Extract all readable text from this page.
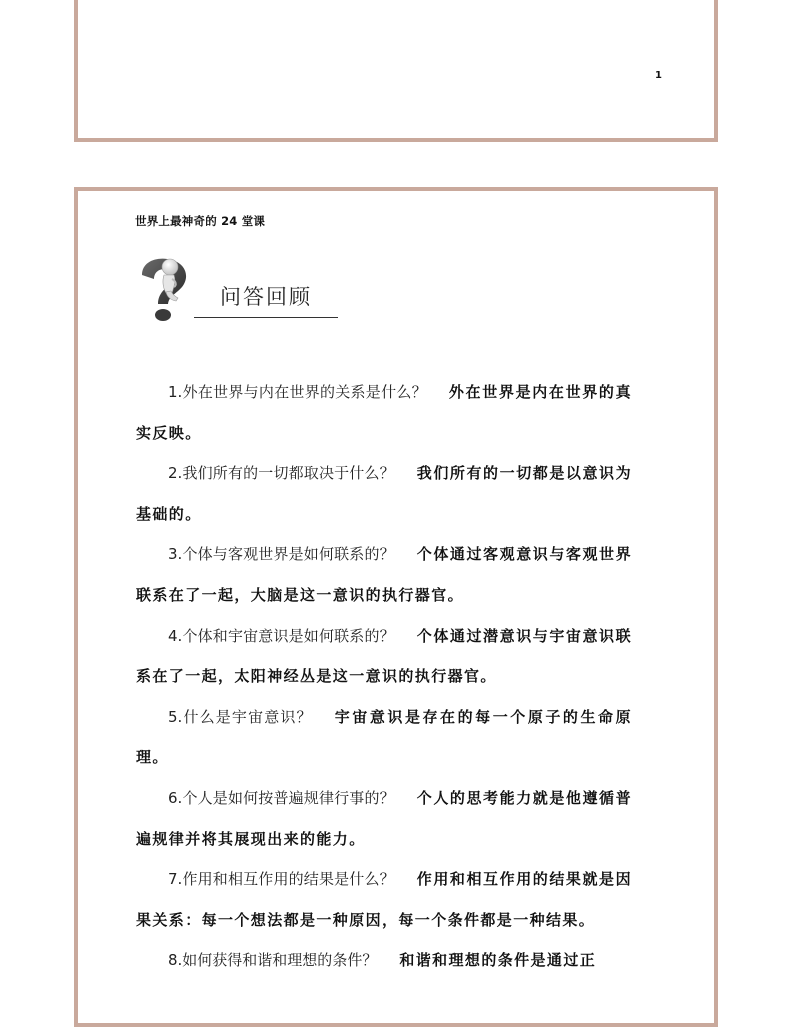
1
世界上最神奇的 24 堂课
问答回顾
1.外在世界与内在世界的关系是什么？ 外在世界是内在世界的真实反映。
2.我们所有的一切都取决于什么？ 我们所有的一切都是以意识为基础的。
3.个体与客观世界是如何联系的？ 个体通过客观意识与客观世界联系在了一起，大脑是这一意识的执行器官。
4.个体和宇宙意识是如何联系的？ 个体通过潜意识与宇宙意识联系在了一起，太阳神经丛是这一意识的执行器官。
5.什么是宇宙意识？ 宇宙意识是存在的每一个原子的生命原理。
6.个人是如何按普遍规律行事的？ 个人的思考能力就是他遵循普遍规律并将其展现出来的能力。
7.作用和相互作用的结果是什么？ 作用和相互作用的结果就是因果关系：每一个想法都是一种原因，每一个条件都是一种结果。
8.如何获得和谐和理想的条件？ 和谐和理想的条件是通过正
